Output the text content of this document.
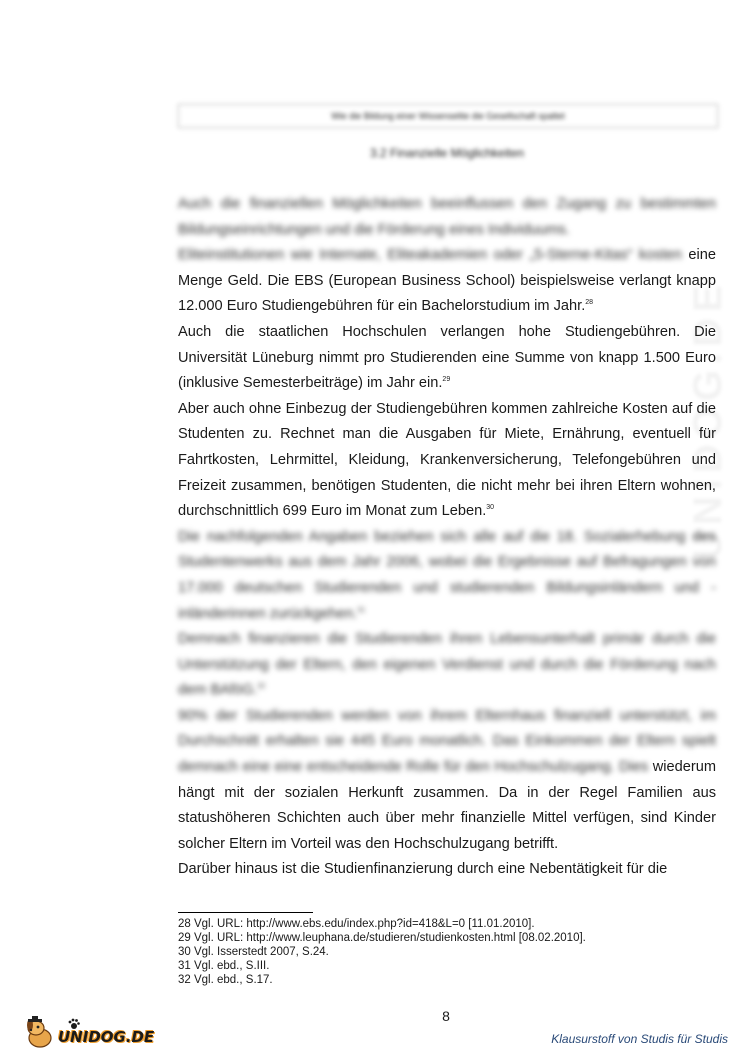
UNIDOG.DE
Wie die Bildung einer Wissenselite die Gesellschaft spaltet
3.2 Finanzielle Möglichkeiten

Auch die finanziellen Möglichkeiten beeinflussen den Zugang zu bestimmten Bildungseinrichtungen und die Förderung eines Individuums.

Eliteinstitutionen wie Internate, Eliteakademien oder „5-Sterne-Kitas“ kosten eine Menge Geld. Die EBS (European Business School) beispielsweise verlangt knapp 12.000 Euro Studiengebühren für ein Bachelorstudium im Jahr.$^{28}$

Auch die staatlichen Hochschulen verlangen hohe Studiengebühren. Die Universität Lüneburg nimmt pro Studierenden eine Summe von knapp 1.500 Euro (inklusive Semesterbeiträge) im Jahr ein.$^{29}$

Aber auch ohne Einbezug der Studiengebühren kommen zahlreiche Kosten auf die Studenten zu. Rechnet man die Ausgaben für Miete, Ernährung, eventuell für Fahrtkosten, Lehrmittel, Kleidung, Krankenversicherung, Telefongebühren und Freizeit zusammen, benötigen Studenten, die nicht mehr bei ihren Eltern wohnen, durchschnittlich 699 Euro im Monat zum Leben.$^{30}$

Die nachfolgenden Angaben beziehen sich alle auf die 18. Sozialerhebung des Studentenwerks aus dem Jahr 2006, wobei die Ergebnisse auf Befragungen von 17.000 deutschen Studierenden und studierenden Bildungsinländern und -inländerinnen zurückgehen.$^{31}$

Demnach finanzieren die Studierenden ihren Lebensunterhalt primär durch die Unterstützung der Eltern, den eigenen Verdienst und durch die Förderung nach dem BAföG.$^{32}$

90% der Studierenden werden von ihrem Elternhaus finanziell unterstützt, im Durchschnitt erhalten sie 445 Euro monatlich. Das Einkommen der Eltern spielt demnach eine eine entscheidende Rolle für den Hochschulzugang. Dies wiederum hängt mit der sozialen Herkunft zusammen. Da in der Regel Familien aus statushöheren Schichten auch über mehr finanzielle Mittel verfügen, sind Kinder solcher Eltern im Vorteil was den Hochschulzugang betrifft.

Darüber hinaus ist die Studienfinanzierung durch eine Nebentätigkeit für die

28 Vgl. URL: http://www.ebs.edu/index.php?id=418&L=0 [11.01.2010].
29 Vgl. URL: http://www.leuphana.de/studieren/studienkosten.html [08.02.2010].
30 Vgl. Isserstedt 2007, S.24.
31 Vgl. ebd., S.III.
32 Vgl. ebd., S.17.
8
UNIDOG.DE	Klausurstoff von Studis für Studis
